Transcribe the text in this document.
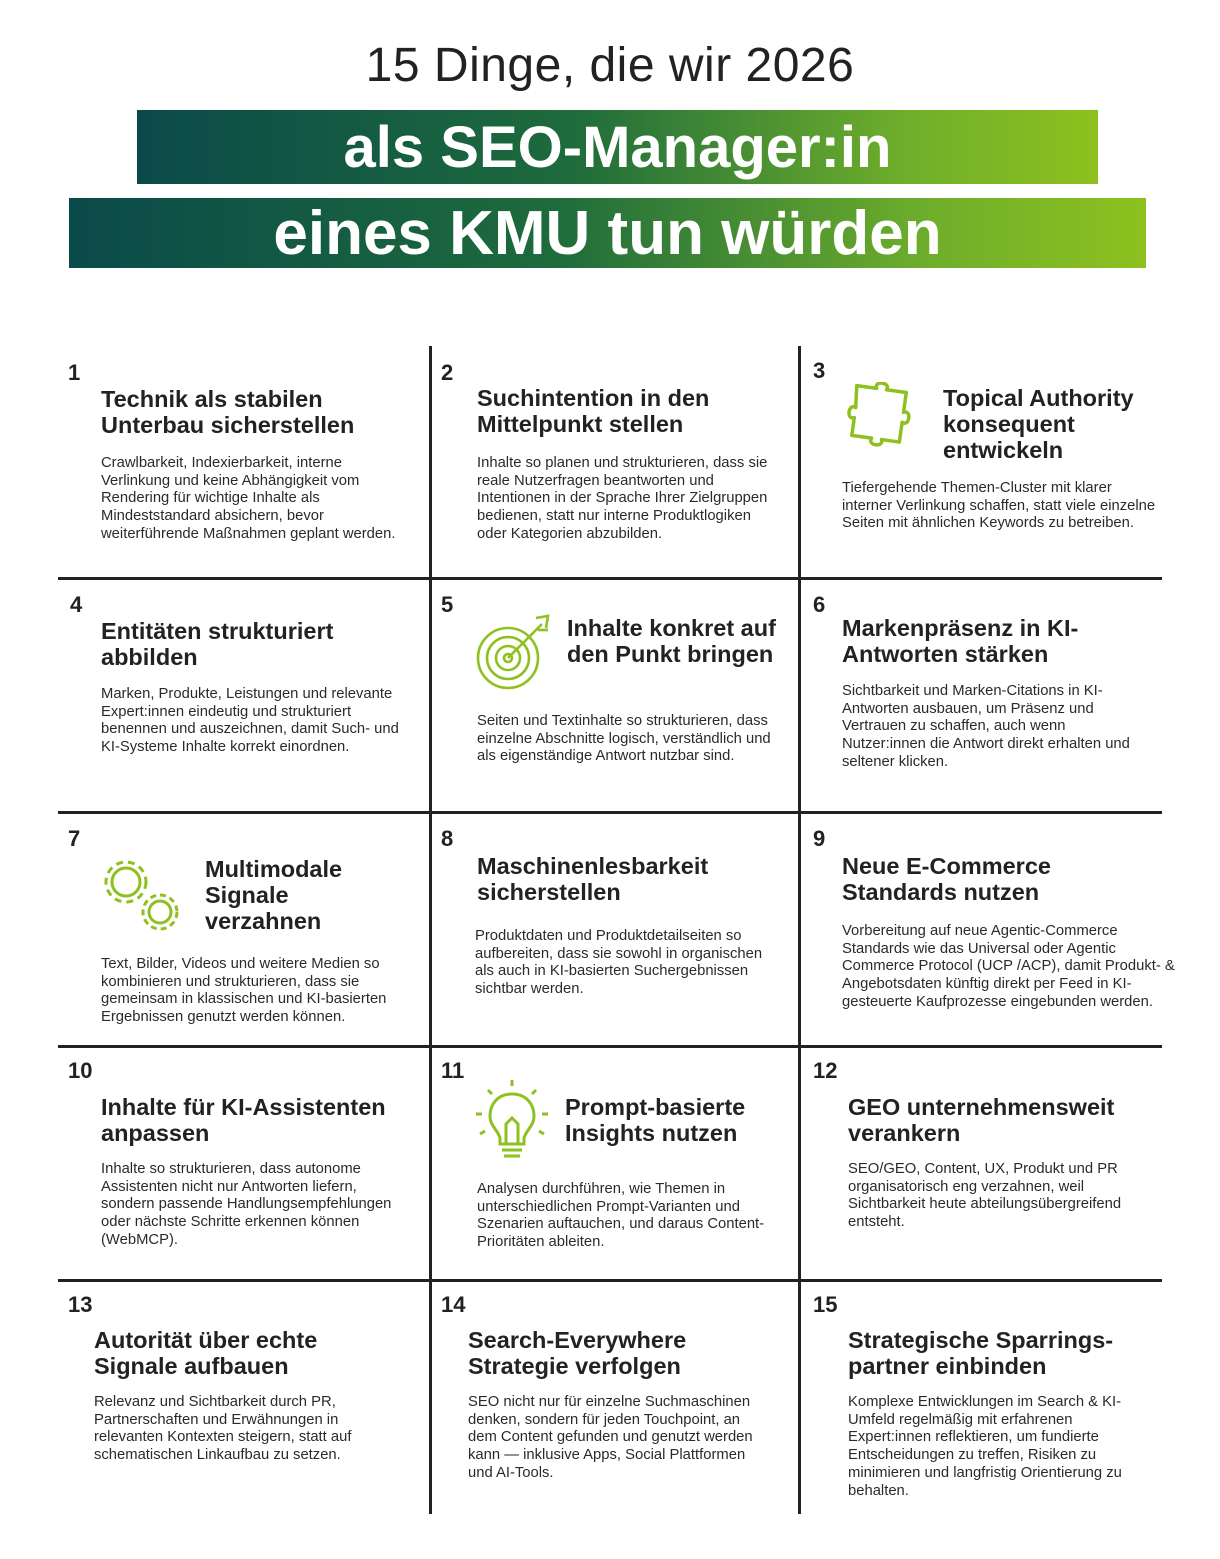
15 Dinge, die wir 2026
als SEO-Manager:in
eines KMU tun würden
1
Technik als stabilen Unterbau sicherstellen
Crawlbarkeit, Indexierbarkeit, interne Verlinkung und keine Abhängigkeit vom Rendering für wichtige Inhalte als Mindeststandard absichern, bevor weiterführende Maßnahmen geplant werden.
2
Suchintention in den Mittelpunkt stellen
Inhalte so planen und strukturieren, dass sie reale Nutzerfragen beantworten und Intentionen in der Sprache Ihrer Zielgruppen bedienen, statt nur interne Produktlogiken oder Kategorien abzubilden.
3
Topical Authority konsequent entwickeln
Tiefergehende Themen-Cluster mit klarer interner Verlinkung schaffen, statt viele einzelne Seiten mit ähnlichen Keywords zu betreiben.
4
Entitäten strukturiert abbilden
Marken, Produkte, Leistungen und relevante Expert:innen eindeutig und strukturiert benennen und auszeichnen, damit Such- und KI-Systeme Inhalte korrekt einordnen.
5
Inhalte konkret auf den Punkt bringen
Seiten und Textinhalte so strukturieren, dass einzelne Abschnitte logisch, verständlich und als eigenständige Antwort nutzbar sind.
6
Markenpräsenz in KI-Antworten stärken
Sichtbarkeit und Marken-Citations in KI-Antworten ausbauen, um Präsenz und Vertrauen zu schaffen, auch wenn Nutzer:innen die Antwort direkt erhalten und seltener klicken.
7
Multimodale Signale verzahnen
Text, Bilder, Videos und weitere Medien so kombinieren und strukturieren, dass sie gemeinsam in klassischen und KI-basierten Ergebnissen genutzt werden können.
8
Maschinenlesbarkeit sicherstellen
Produktdaten und Produktdetailseiten so aufbereiten, dass sie sowohl in organischen als auch in KI-basierten Suchergebnissen sichtbar werden.
9
Neue E-Commerce Standards nutzen
Vorbereitung auf neue Agentic-Commerce Standards wie das Universal oder Agentic Commerce Protocol (UCP /ACP), damit Produkt- & Angebotsdaten künftig direkt per Feed in KI-gesteuerte Kaufprozesse eingebunden werden.
10
Inhalte für KI-Assistenten anpassen
Inhalte so strukturieren, dass autonome Assistenten nicht nur Antworten liefern, sondern passende Handlungsempfehlungen oder nächste Schritte erkennen können (WebMCP).
11
Prompt-basierte Insights nutzen
Analysen durchführen, wie Themen in unterschiedlichen Prompt-Varianten und Szenarien auftauchen, und daraus Content-Prioritäten ableiten.
12
GEO unternehmensweit verankern
SEO/GEO, Content, UX, Produkt und PR organisatorisch eng verzahnen, weil Sichtbarkeit heute abteilungsübergreifend entsteht.
13
Autorität über echte Signale aufbauen
Relevanz und Sichtbarkeit durch PR, Partnerschaften und Erwähnungen in relevanten Kontexten steigern, statt auf schematischen Linkaufbau zu setzen.
14
Search-Everywhere Strategie verfolgen
SEO nicht nur für einzelne Suchmaschinen denken, sondern für jeden Touchpoint, an dem Content gefunden und genutzt werden kann — inklusive Apps, Social Plattformen und AI-Tools.
15
Strategische Sparrings-partner einbinden
Komplexe Entwicklungen im Search & KI-Umfeld regelmäßig mit erfahrenen Expert:innen reflektieren, um fundierte Entscheidungen zu treffen, Risiken zu minimieren und langfristig Orientierung zu behalten.
